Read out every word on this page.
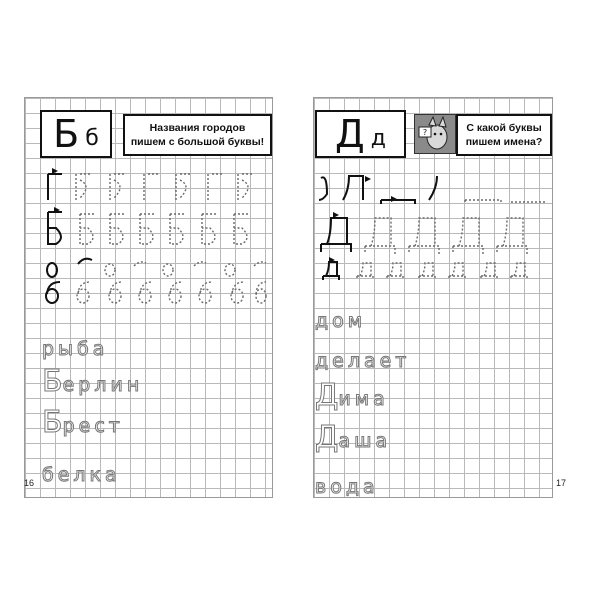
Б б	Названия городов
пишем с большой буквы!
рыба
Берлин
Брест
белка
16
Д д	?	С какой буквы
пишем имена?
дом
делает
Дима
Даша
вода	17
